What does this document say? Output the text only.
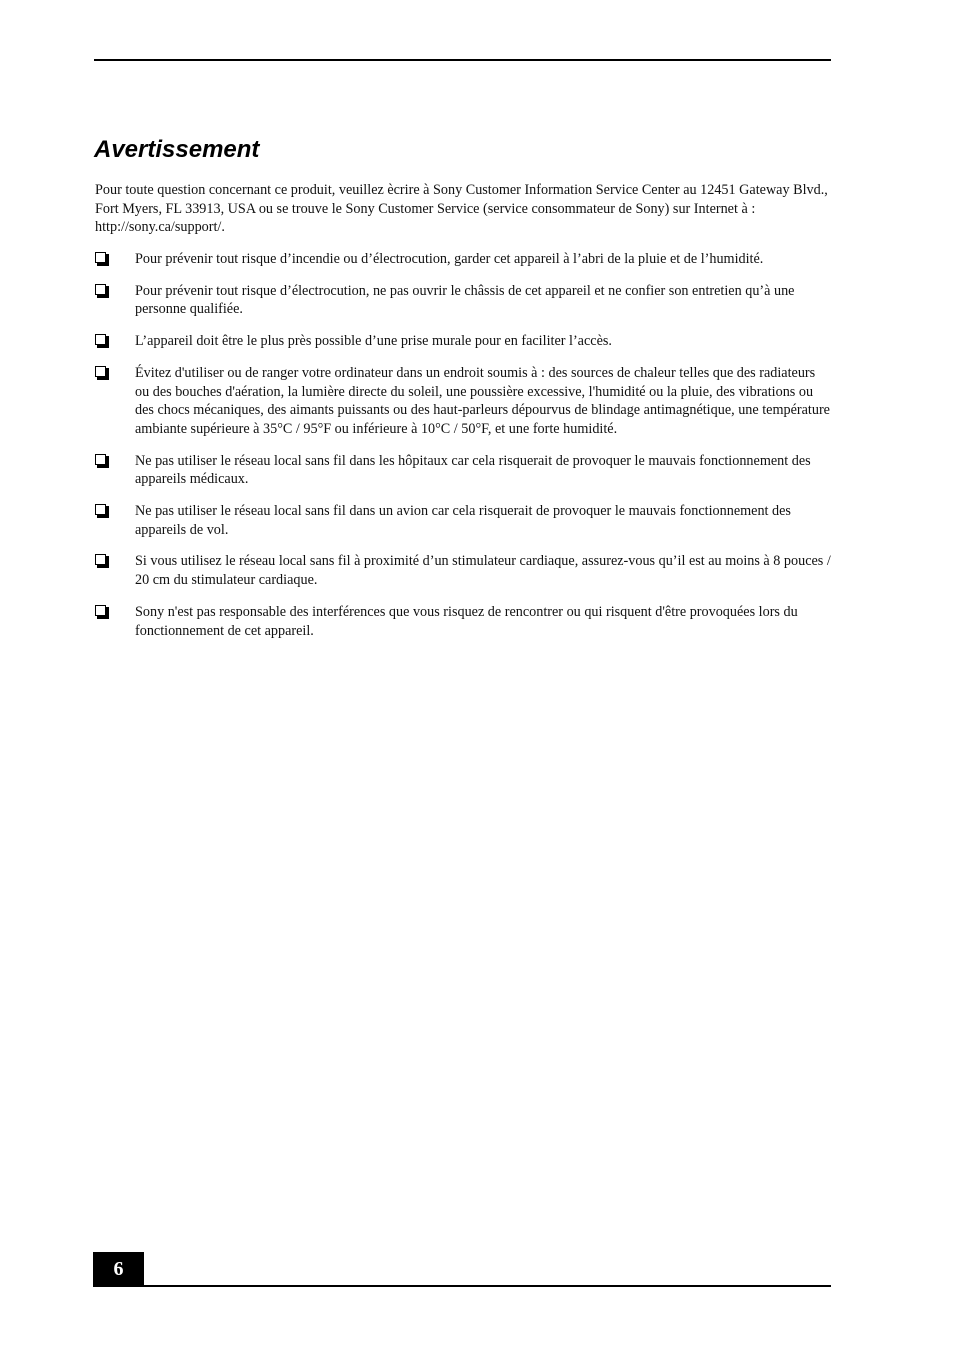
Avertissement

Pour toute question concernant ce produit, veuillez ècrire à Sony Customer Information Service Center au 12451 Gateway Blvd., Fort Myers, FL 33913, USA ou se trouve le Sony Customer Service (service consommateur de Sony) sur Internet à : http://sony.ca/support/.

Pour prévenir tout risque d’incendie ou d’électrocution, garder cet appareil à l’abri de la pluie et de l’humidité.
Pour prévenir tout risque d’électrocution, ne pas ouvrir le châssis de cet appareil et ne confier son entretien qu’à une personne qualifiée.
L’appareil doit être le plus près possible d’une prise murale pour en faciliter l’accès.
Évitez d'utiliser ou de ranger votre ordinateur dans un endroit soumis à : des sources de chaleur telles que des radiateurs ou des bouches d'aération, la lumière directe du soleil, une poussière excessive, l'humidité ou la pluie, des vibrations ou des chocs mécaniques, des aimants puissants ou des haut-parleurs dépourvus de blindage antimagnétique, une température ambiante supérieure à 35°C / 95°F ou inférieure à 10°C / 50°F, et une forte humidité.
Ne pas utiliser le réseau local sans fil dans les hôpitaux car cela risquerait de provoquer le mauvais fonctionnement des appareils médicaux.
Ne pas utiliser le réseau local sans fil dans un avion car cela risquerait de provoquer le mauvais fonctionnement des appareils de vol.
Si vous utilisez le réseau local sans fil à proximité d’un stimulateur cardiaque, assurez-vous qu’il est au moins à 8 pouces / 20 cm du stimulateur cardiaque.
Sony n'est pas responsable des interférences que vous risquez de rencontrer ou qui risquent d'être provoquées lors du fonctionnement de cet appareil.
6
